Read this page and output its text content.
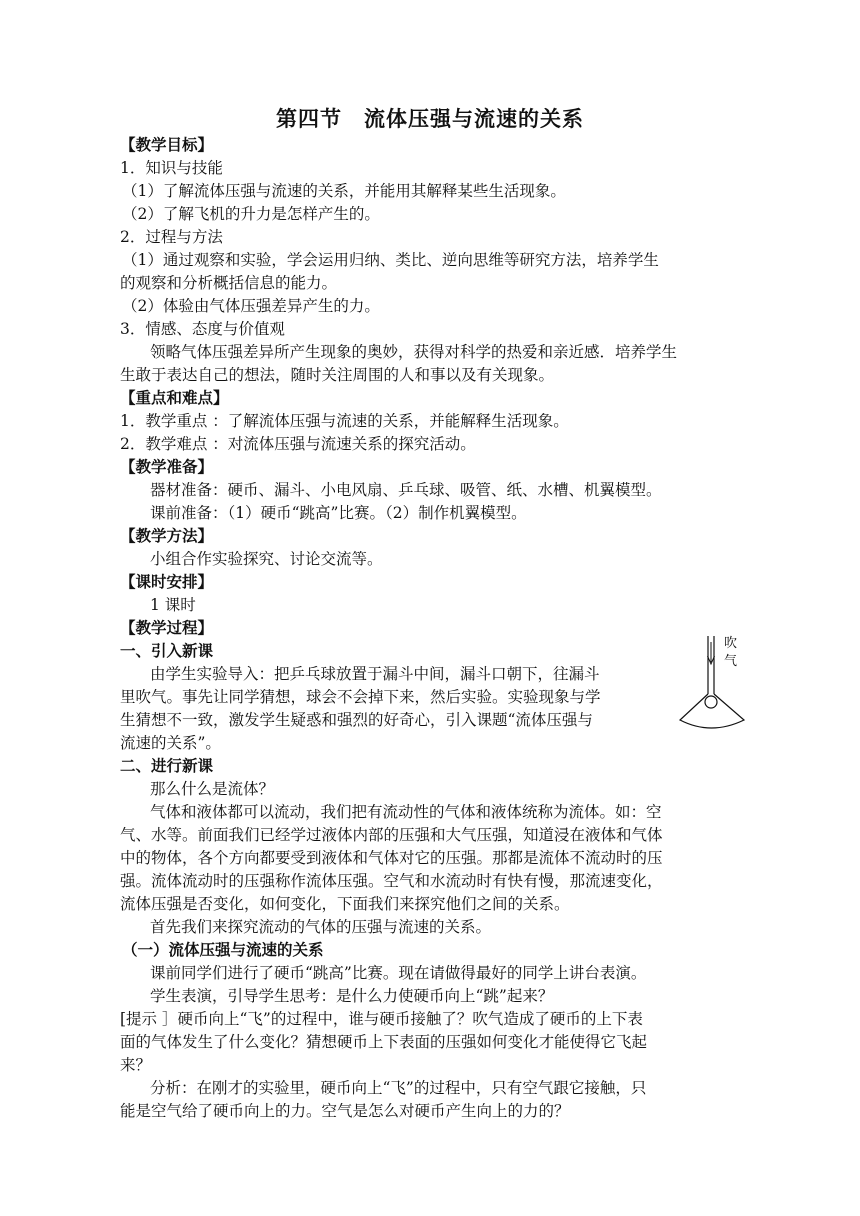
第四节　流体压强与流速的关系
【教学目标】
1．知识与技能
（1）了解流体压强与流速的关系，并能用其解释某些生活现象。
（2）了解飞机的升力是怎样产生的。
2．过程与方法
（1）通过观察和实验，学会运用归纳、类比、逆向思维等研究方法，培养学生
的观察和分析概括信息的能力。
（2）体验由气体压强差异产生的力。
3．情感、态度与价值观
领略气体压强差异所产生现象的奥妙，获得对科学的热爱和亲近感．培养学生
生敢于表达自己的想法，随时关注周围的人和事以及有关现象。
【重点和难点】
1．教学重点 ：了解流体压强与流速的关系，并能解释生活现象。
2．教学难点 ：对流体压强与流速关系的探究活动。
【教学准备】
器材准备：硬币、漏斗、小电风扇、乒乓球、吸管、纸、水槽、机翼模型。
课前准备：（1）硬币“跳高”比赛。（2）制作机翼模型。
【教学方法】
小组合作实验探究、讨论交流等。
【课时安排】
1 课时
【教学过程】
一、引入新课
由学生实验导入：把乒乓球放置于漏斗中间，漏斗口朝下，往漏斗
里吹气。事先让同学猜想，球会不会掉下来，然后实验。实验现象与学
生猜想不一致，激发学生疑惑和强烈的好奇心，引入课题“流体压强与
流速的关系”。
吹
气
二、进行新课
那么什么是流体？
气体和液体都可以流动，我们把有流动性的气体和液体统称为流体。如：空
气、水等。前面我们已经学过液体内部的压强和大气压强，知道浸在液体和气体
中的物体，各个方向都要受到液体和气体对它的压强。那都是流体不流动时的压
强。流体流动时的压强称作流体压强。空气和水流动时有快有慢，那流速变化，
流体压强是否变化，如何变化，下面我们来探究他们之间的关系。
首先我们来探究流动的气体的压强与流速的关系。
（一）流体压强与流速的关系
课前同学们进行了硬币“跳高”比赛。现在请做得最好的同学上讲台表演。
学生表演，引导学生思考：是什么力使硬币向上“跳”起来？
[提示 ］硬币向上“飞”的过程中，谁与硬币接触了？吹气造成了硬币的上下表
面的气体发生了什么变化？猜想硬币上下表面的压强如何变化才能使得它飞起
来？
分析：在刚才的实验里，硬币向上“飞”的过程中，只有空气跟它接触，只
能是空气给了硬币向上的力。空气是怎么对硬币产生向上的力的？
